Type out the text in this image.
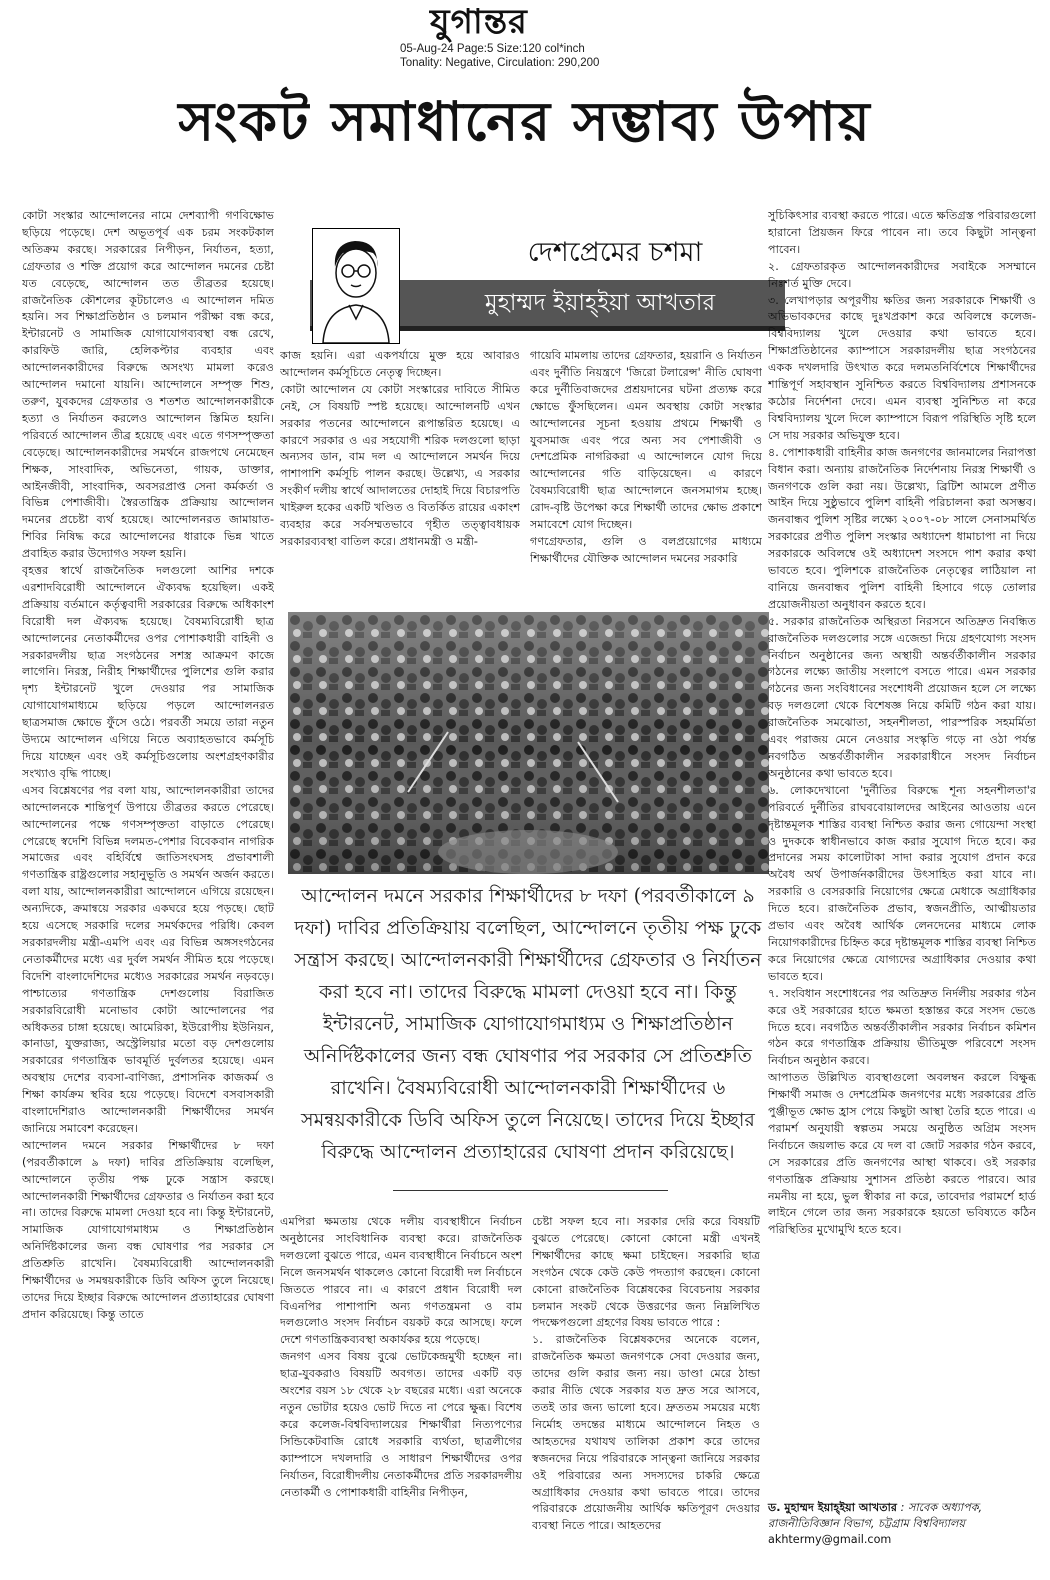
যুগান্তর
05-Aug-24 Page:5 Size:120 col*inch
Tonality: Negative, Circulation: 290,200
সংকট সমাধানের সম্ভাব্য উপায়

কোটা সংস্কার আন্দোলনের নামে দেশব্যাপী গণবিক্ষোভ ছড়িয়ে পড়েছে। দেশ অভূতপূর্ব এক চরম সংকটকাল অতিক্রম করছে। সরকারের নিপীড়ন, নির্যাতন, হত্যা, গ্রেফতার ও শক্তি প্রয়োগ করে আন্দোলন দমনের চেষ্টা যত বেড়েছে, আন্দোলন তত তীব্রতর হয়েছে। রাজনৈতিক কৌশলের কূটচালেও এ আন্দোলন দমিত হয়নি। সব শিক্ষাপ্রতিষ্ঠান ও চলমান পরীক্ষা বন্ধ করে, ইন্টারনেট ও সামাজিক যোগাযোগব্যবস্থা বন্ধ রেখে, কারফিউ জারি, হেলিকপ্টার ব্যবহার এবং আন্দোলনকারীদের বিরুদ্ধে অসংখ্য মামলা করেও আন্দোলন দমানো যায়নি। আন্দোলনে সম্পৃক্ত শিশু, তরুণ, যুবকদের গ্রেফতার ও শতশত আন্দোলনকারীকে হত্যা ও নির্যাতন করলেও আন্দোলন স্তিমিত হয়নি। পরিবর্তে আন্দোলন তীব্র হয়েছে এবং এতে গণসম্পৃক্ততা বেড়েছে। আন্দোলনকারীদের সমর্থনে রাজপথে নেমেছেন শিক্ষক, সাংবাদিক, অভিনেতা, গায়ক, ডাক্তার, আইনজীবী, সাংবাদিক, অবসরপ্রাপ্ত সেনা কর্মকর্তা ও বিভিন্ন পেশাজীবী। স্বৈরতান্ত্রিক প্রক্রিয়ায় আন্দোলন দমনের প্রচেষ্টা ব্যর্থ হয়েছে। আন্দোলনরত জামায়াত-শিবির নিষিদ্ধ করে আন্দোলনের ধারাকে ভিন্ন খাতে প্রবাহিত করার উদ্যোগও সফল হয়নি।
বৃহত্তর স্বার্থে রাজনৈতিক দলগুলো আশির দশকে এরশাদবিরোধী আন্দোলনে ঐক্যবদ্ধ হয়েছিল। একই প্রক্রিয়ায় বর্তমানে কর্তৃত্ববাদী সরকারের বিরুদ্ধে অধিকাংশ বিরোধী দল ঐক্যবদ্ধ হয়েছে। বৈষম্যবিরোধী ছাত্র আন্দোলনের নেতাকর্মীদের ওপর পোশাকধারী বাহিনী ও সরকারদলীয় ছাত্র সংগঠনের সশস্ত্র আক্রমণ কাজে লাগেনি। নিরস্ত্র, নিরীহ শিক্ষার্থীদের পুলিশের গুলি করার দৃশ্য ইন্টারনেট খুলে দেওয়ার পর সামাজিক যোগাযোগমাধ্যমে ছড়িয়ে পড়লে আন্দোলনরত ছাত্রসমাজ ক্ষোভে ফুঁসে ওঠে। পরবর্তী সময়ে তারা নতুন উদ্যমে আন্দোলন এগিয়ে নিতে অব্যাহতভাবে কর্মসূচি দিয়ে যাচ্ছেন এবং ওই কর্মসূচিগুলোয় অংশগ্রহণকারীর সংখ্যাও বৃদ্ধি পাচ্ছে।
এসব বিশ্লেষণের পর বলা যায়, আন্দোলনকারীরা তাদের আন্দোলনকে শান্তিপূর্ণ উপায়ে তীব্রতর করতে পেরেছে। আন্দোলনের পক্ষে গণসম্পৃক্ততা বাড়াতে পেরেছে। পেরেছে স্বদেশি বিভিন্ন দলমত-পেশার বিবেকবান নাগরিক সমাজের এবং বহির্বিশ্বে জাতিসংঘসহ প্রভাবশালী গণতান্ত্রিক রাষ্ট্রগুলোর সহানুভূতি ও সমর্থন অর্জন করতে। বলা যায়, আন্দোলনকারীরা আন্দোলনে এগিয়ে রয়েছেন। অন্যদিকে, ক্রমান্বয়ে সরকার একঘরে হয়ে পড়ছে। ছোট হয়ে এসেছে সরকারি দলের সমর্থকদের পরিধি। কেবল সরকারদলীয় মন্ত্রী-এমপি এবং এর বিভিন্ন অঙ্গসংগঠনের নেতাকর্মীদের মধ্যে এর দুর্বল সমর্থন সীমিত হয়ে পড়েছে। বিদেশি বাংলাদেশিদের মধ্যেও সরকারের সমর্থন নড়বড়ে। পাশ্চাত্যের গণতান্ত্রিক দেশগুলোয় বিরাজিত সরকারবিরোধী মনোভাব কোটা আন্দোলনের পর অধিকতর চাঙ্গা হয়েছে। আমেরিকা, ইউরোপীয় ইউনিয়ন, কানাডা, যুক্তরাজ্য, অস্ট্রেলিয়ার মতো বড় দেশগুলোয় সরকারের গণতান্ত্রিক ভাবমূর্তি দুর্বলতর হয়েছে। এমন অবস্থায় দেশের ব্যবসা-বাণিজ্য, প্রশাসনিক কাজকর্ম ও শিক্ষা কার্যক্রম স্থবির হয়ে পড়েছে। বিদেশে বসবাসকারী বাংলাদেশিরাও আন্দোলনকারী শিক্ষার্থীদের সমর্থন জানিয়ে সমাবেশ করেছেন।
আন্দোলন দমনে সরকার শিক্ষার্থীদের ৮ দফা (পরবর্তীকালে ৯ দফা) দাবির প্রতিক্রিয়ায় বলেছিল, আন্দোলনে তৃতীয় পক্ষ ঢুকে সন্ত্রাস করছে। আন্দোলনকারী শিক্ষার্থীদের গ্রেফতার ও নির্যাতন করা হবে না। তাদের বিরুদ্ধে মামলা দেওয়া হবে না। কিন্তু ইন্টারনেট, সামাজিক যোগাযোগমাধ্যম ও শিক্ষাপ্রতিষ্ঠান অনির্দিষ্টকালের জন্য বন্ধ ঘোষণার পর সরকার সে প্রতিশ্রুতি রাখেনি। বৈষম্যবিরোধী আন্দোলনকারী শিক্ষার্থীদের ৬ সমন্বয়কারীকে ডিবি অফিস তুলে নিয়েছে। তাদের দিয়ে ইচ্ছার বিরুদ্ধে আন্দোলন প্রত্যাহারের ঘোষণা প্রদান করিয়েছে। কিন্তু তাতে

দেশপ্রেমের চশমা
মুহাম্মদ ইয়াহ্‌ইয়া আখতার

কাজ হয়নি। এরা একপর্যায়ে মুক্ত হয়ে আবারও আন্দোলন কর্মসূচিতে নেতৃত্ব দিচ্ছেন।
কোটা আন্দোলন যে কোটা সংস্কারের দাবিতে সীমিত নেই, সে বিষয়টি স্পষ্ট হয়েছে। আন্দোলনটি এখন সরকার পতনের আন্দোলনে রূপান্তরিত হয়েছে। এ কারণে সরকার ও এর সহযোগী শরিক দলগুলো ছাড়া অন্যসব ডান, বাম দল এ আন্দোলনে সমর্থন দিয়ে পাশাপাশি কর্মসূচি পালন করছে। উল্লেখ্য, এ সরকার সংকীর্ণ দলীয় স্বার্থে আদালতের দোহাই দিয়ে বিচারপতি খাইরুল হকের একটি খণ্ডিত ও বিতর্কিত রায়ের একাংশ ব্যবহার করে সর্বসম্মতভাবে গৃহীত তত্ত্বাবধায়ক সরকারব্যবস্থা বাতিল করে। প্রধানমন্ত্রী ও মন্ত্রী-

গায়েবি মামলায় তাদের গ্রেফতার, হয়রানি ও নির্যাতন এবং দুর্নীতি নিয়ন্ত্রণে 'জিরো টলারেন্স' নীতি ঘোষণা করে দুর্নীতিবাজদের প্রশ্রয়দানের ঘটনা প্রত্যক্ষ করে ক্ষোভে ফুঁসছিলেন। এমন অবস্থায় কোটা সংস্কার আন্দোলনের সূচনা হওয়ায় প্রথমে শিক্ষার্থী ও যুবসমাজ এবং পরে অন্য সব পেশাজীবী ও দেশপ্রেমিক নাগরিকরা এ আন্দোলনে যোগ দিয়ে আন্দোলনের গতি বাড়িয়েছেন। এ কারণে বৈষম্যবিরোধী ছাত্র আন্দোলনে জনসমাগম হচ্ছে। রোদ-বৃষ্টি উপেক্ষা করে শিক্ষার্থী তাদের ক্ষোভ প্রকাশে সমাবেশে যোগ দিচ্ছেন।
গণগ্রেফতার, গুলি ও বলপ্রয়োগের মাধ্যমে শিক্ষার্থীদের যৌক্তিক আন্দোলন দমনের সরকারি

আন্দোলন দমনে সরকার শিক্ষার্থীদের ৮ দফা (পরবর্তীকালে ৯ দফা) দাবির প্রতিক্রিয়ায় বলেছিল, আন্দোলনে তৃতীয় পক্ষ ঢুকে সন্ত্রাস করছে। আন্দোলনকারী শিক্ষার্থীদের গ্রেফতার ও নির্যাতন করা হবে না। তাদের বিরুদ্ধে মামলা দেওয়া হবে না। কিন্তু ইন্টারনেট, সামাজিক যোগাযোগমাধ্যম ও শিক্ষাপ্রতিষ্ঠান অনির্দিষ্টকালের জন্য বন্ধ ঘোষণার পর সরকার সে প্রতিশ্রুতি রাখেনি। বৈষম্যবিরোধী আন্দোলনকারী শিক্ষার্থীদের ৬ সমন্বয়কারীকে ডিবি অফিস তুলে নিয়েছে। তাদের দিয়ে ইচ্ছার বিরুদ্ধে আন্দোলন প্রত্যাহারের ঘোষণা প্রদান করিয়েছে।

এমপিরা ক্ষমতায় থেকে দলীয় ব্যবস্থাধীনে নির্বাচন অনুষ্ঠানের সাংবিধানিক ব্যবস্থা করে। রাজনৈতিক দলগুলো বুঝতে পারে, এমন ব্যবস্থাধীনে নির্বাচনে অংশ নিলে জনসমর্থন থাকলেও কোনো বিরোধী দল নির্বাচনে জিততে পারবে না। এ কারণে প্রধান বিরোধী দল বিএনপির পাশাপাশি অন্য গণতন্ত্রমনা ও বাম দলগুলোও সংসদ নির্বাচন বয়কট করে আসছে। ফলে দেশে গণতান্ত্রিকব্যবস্থা অকার্যকর হয়ে পড়েছে।
জনগণ এসব বিষয় বুঝে ভোটকেন্দ্রমুখী হচ্ছেন না। ছাত্র-যুবকরাও বিষয়টি অবগত। তাদের একটি বড় অংশের বয়স ১৮ থেকে ২৮ বছরের মধ্যে। এরা অনেকে নতুন ভোটার হয়েও ভোট দিতে না পেরে ক্ষুব্ধ। বিশেষ করে কলেজ-বিশ্ববিদ্যালয়ের শিক্ষার্থীরা নিত্যপণ্যের সিন্ডিকেটবাজি রোধে সরকারি ব্যর্থতা, ছাত্রলীগের ক্যাম্পাসে দখলদারি ও সাধারণ শিক্ষার্থীদের ওপর নির্যাতন, বিরোধীদলীয় নেতাকর্মীদের প্রতি সরকারদলীয় নেতাকর্মী ও পোশাকধারী বাহিনীর নিপীড়ন,

চেষ্টা সফল হবে না। সরকার দেরি করে বিষয়টি বুঝতে পেরেছে। কোনো কোনো মন্ত্রী এখনই শিক্ষার্থীদের কাছে ক্ষমা চাইছেন। সরকারি ছাত্র সংগঠন থেকে কেউ কেউ পদত্যাগ করছেন। কোনো কোনো রাজনৈতিক বিশ্লেষকের বিবেচনায় সরকার চলমান সংকট থেকে উত্তরণের জন্য নিম্নলিখিত পদক্ষেপগুলো গ্রহণের বিষয় ভাবতে পারে :
১. রাজনৈতিক বিশ্লেষকদের অনেকে বলেন, রাজনৈতিক ক্ষমতা জনগণকে সেবা দেওয়ার জন্য, তাদের গুলি করার জন্য নয়। ডাণ্ডা মেরে ঠান্ডা করার নীতি থেকে সরকার যত দ্রুত সরে আসবে, ততই তার জন্য ভালো হবে। দ্রুততম সময়ের মধ্যে নির্মোহ তদন্তের মাধ্যমে আন্দোলনে নিহত ও আহতদের যথাযথ তালিকা প্রকাশ করে তাদের স্বজনদের নিয়ে পরিবারকে সান্ত্বনা জানিয়ে সরকার ওই পরিবারের অন্য সদস্যদের চাকরি ক্ষেত্রে অগ্রাধিকার দেওয়ার কথা ভাবতে পারে। তাদের পরিবারকে প্রয়োজনীয় আর্থিক ক্ষতিপূরণ দেওয়ার ব্যবস্থা নিতে পারে। আহতদের

সুচিকিৎসার ব্যবস্থা করতে পারে। এতে ক্ষতিগ্রস্ত পরিবারগুলো হারানো প্রিয়জন ফিরে পাবেন না। তবে কিছুটা সান্ত্বনা পাবেন।
২. গ্রেফতারকৃত আন্দোলনকারীদের সবাইকে সসম্মানে নিঃশর্ত মুক্তি দেবে।
৩. লেখাপড়ার অপূরণীয় ক্ষতির জন্য সরকারকে শিক্ষার্থী ও অভিভাবকদের কাছে দুঃখপ্রকাশ করে অবিলম্বে কলেজ-বিশ্ববিদ্যালয় খুলে দেওয়ার কথা ভাবতে হবে। শিক্ষাপ্রতিষ্ঠানের ক্যাম্পাসে সরকারদলীয় ছাত্র সংগঠনের একক দখলদারি উৎখাত করে দলমতনির্বিশেষে শিক্ষার্থীদের শান্তিপূর্ণ সহাবস্থান সুনিশ্চিত করতে বিশ্ববিদ্যালয় প্রশাসনকে কঠোর নির্দেশনা দেবে। এমন ব্যবস্থা সুনিশ্চিত না করে বিশ্ববিদ্যালয় খুলে দিলে ক্যাম্পাসে বিরূপ পরিস্থিতি সৃষ্টি হলে সে দায় সরকার অভিযুক্ত হবে।
৪. পোশাকধারী বাহিনীর কাজ জনগণের জানমালের নিরাপত্তা বিধান করা। অন্যায় রাজনৈতিক নির্দেশনায় নিরস্ত্র শিক্ষার্থী ও জনগণকে গুলি করা নয়। উল্লেখ্য, ব্রিটিশ আমলে প্রণীত আইন দিয়ে সুষ্ঠুভাবে পুলিশ বাহিনী পরিচালনা করা অসম্ভব। জনবান্ধব পুলিশ সৃষ্টির লক্ষ্যে ২০০৭-০৮ সালে সেনাসমর্থিত সরকারের প্রণীত পুলিশ সংস্কার অধ্যাদেশ ধামাচাপা না দিয়ে সরকারকে অবিলম্বে ওই অধ্যাদেশ সংসদে পাশ করার কথা ভাবতে হবে। পুলিশকে রাজনৈতিক নেতৃত্বের লাঠিয়াল না বানিয়ে জনবান্ধব পুলিশ বাহিনী হিসাবে গড়ে তোলার প্রয়োজনীয়তা অনুধাবন করতে হবে।
৫. সরকার রাজনৈতিক অস্থিরতা নিরসনে অতিদ্রুত নিবন্ধিত রাজনৈতিক দলগুলোর সঙ্গে এজেন্ডা দিয়ে গ্রহণযোগ্য সংসদ নির্বাচন অনুষ্ঠানের জন্য অস্থায়ী অন্তর্বর্তীকালীন সরকার গঠনের লক্ষ্যে জাতীয় সংলাপে বসতে পারে। এমন সরকার গঠনের জন্য সংবিধানের সংশোধনী প্রয়োজন হলে সে লক্ষ্যে বড় দলগুলো থেকে বিশেষজ্ঞ নিয়ে কমিটি গঠন করা যায়। রাজনৈতিক সমঝোতা, সহনশীলতা, পারস্পরিক সহমর্মিতা এবং পরাজয় মেনে নেওয়ার সংস্কৃতি গড়ে না ওঠা পর্যন্ত নবগঠিত অন্তর্বর্তীকালীন সরকারাধীনে সংসদ নির্বাচন অনুষ্ঠানের কথা ভাবতে হবে।
৬. লোকদেখানো 'দুর্নীতির বিরুদ্ধে শূন্য সহনশীলতা'র পরিবর্তে দুর্নীতির রাঘববোয়ালদের আইনের আওতায় এনে দৃষ্টান্তমূলক শাস্তির ব্যবস্থা নিশ্চিত করার জন্য গোয়েন্দা সংস্থা ও দুদককে স্বাধীনভাবে কাজ করার সুযোগ দিতে হবে। কর প্রদানের সময় কালোটাকা সাদা করার সুযোগ প্রদান করে অবৈধ অর্থ উপার্জনকারীদের উৎসাহিত করা যাবে না। সরকারি ও বেসরকারি নিয়োগের ক্ষেত্রে মেধাকে অগ্রাধিকার দিতে হবে। রাজনৈতিক প্রভাব, স্বজনপ্রীতি, আত্মীয়তার প্রভাব এবং অবৈধ আর্থিক লেনদেনের মাধ্যমে লোক নিয়োগকারীদের চিহ্নিত করে দৃষ্টান্তমূলক শাস্তির ব্যবস্থা নিশ্চিত করে নিয়োগের ক্ষেত্রে যোগ্যদের অগ্রাধিকার দেওয়ার কথা ভাবতে হবে।
৭. সংবিধান সংশোধনের পর অতিদ্রুত নির্দলীয় সরকার গঠন করে ওই সরকারের হাতে ক্ষমতা হস্তান্তর করে সংসদ ভেঙে দিতে হবে। নবগঠিত অন্তর্বর্তীকালীন সরকার নির্বাচন কমিশন গঠন করে গণতান্ত্রিক প্রক্রিয়ায় ভীতিমুক্ত পরিবেশে সংসদ নির্বাচন অনুষ্ঠান করবে।
আপাতত উল্লিখিত ব্যবস্থাগুলো অবলম্বন করলে বিক্ষুব্ধ শিক্ষার্থী সমাজ ও দেশপ্রেমিক জনগণের মধ্যে সরকারের প্রতি পুঞ্জীভূত ক্ষোভ হ্রাস পেয়ে কিছুটা আস্থা তৈরি হতে পারে। এ পরামর্শ অনুযায়ী স্বল্পতম সময়ে অনুষ্ঠিত অগ্রিম সংসদ নির্বাচনে জয়লাভ করে যে দল বা জোট সরকার গঠন করবে, সে সরকারের প্রতি জনগণের আস্থা থাকবে। ওই সরকার গণতান্ত্রিক প্রক্রিয়ায় সুশাসন প্রতিষ্ঠা করতে পারবে। আর নমনীয় না হয়ে, ভুল স্বীকার না করে, তাবেদার পরামর্শে হার্ড লাইনে গেলে তার জন্য সরকারকে হয়তো ভবিষ্যতে কঠিন পরিস্থিতির মুখোমুখি হতে হবে।

ড. মুহাম্মদ ইয়াহ্‌ইয়া আখতার : সাবেক অধ্যাপক, রাজনীতিবিজ্ঞান বিভাগ, চট্টগ্রাম বিশ্ববিদ্যালয়
akhtermy@gmail.com
